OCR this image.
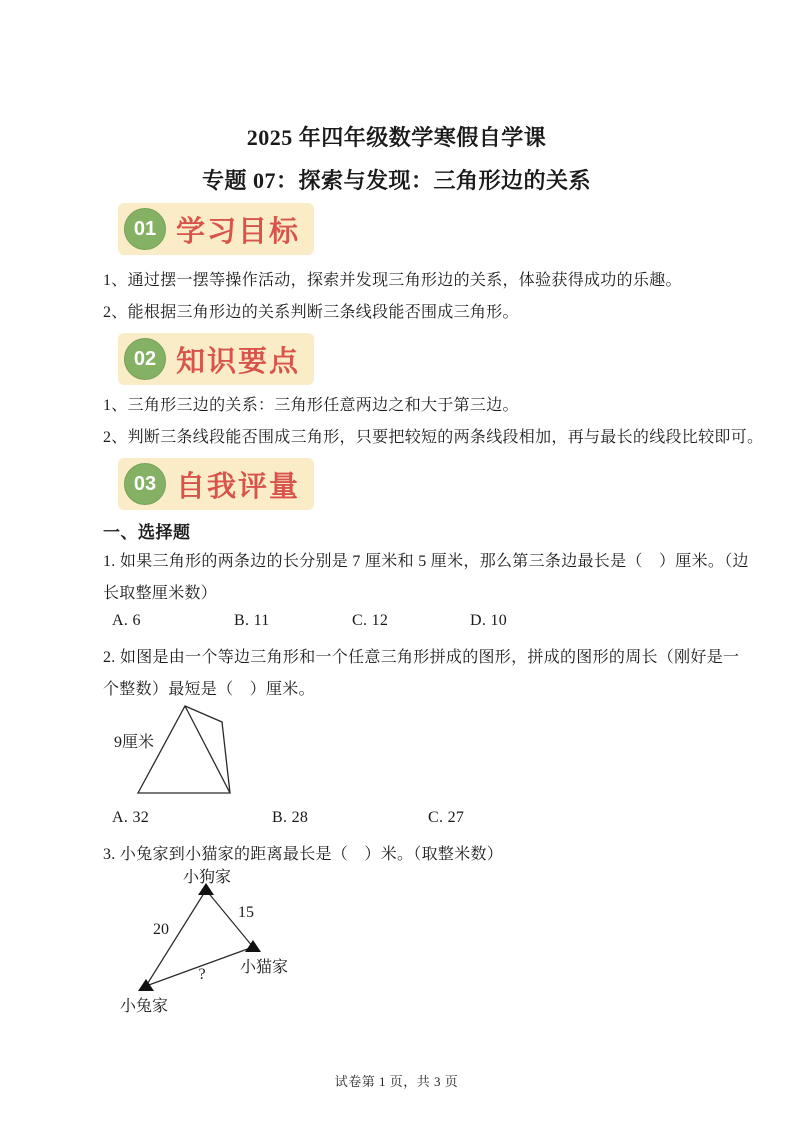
2025 年四年级数学寒假自学课
专题 07：探索与发现：三角形边的关系
01 学习目标
1、通过摆一摆等操作活动，探索并发现三角形边的关系，体验获得成功的乐趣。
2、能根据三角形边的关系判断三条线段能否围成三角形。
02 知识要点
1、三角形三边的关系：三角形任意两边之和大于第三边。
2、判断三条线段能否围成三角形，只要把较短的两条线段相加，再与最长的线段比较即可。
03 自我评量
一、选择题
1. 如果三角形的两条边的长分别是 7 厘米和 5 厘米，那么第三条边最长是（　）厘米。（边
长取整厘米数）
A. 6	B. 11	C. 12	D. 10
2. 如图是由一个等边三角形和一个任意三角形拼成的图形，拼成的图形的周长（刚好是一
个整数）最短是（　）厘米。
9厘米
A. 32	B. 28	C. 27
3. 小兔家到小猫家的距离最长是（　）米。（取整米数）
小狗家
15
20
小猫家
?
小兔家
试卷第 1 页，共 3 页
